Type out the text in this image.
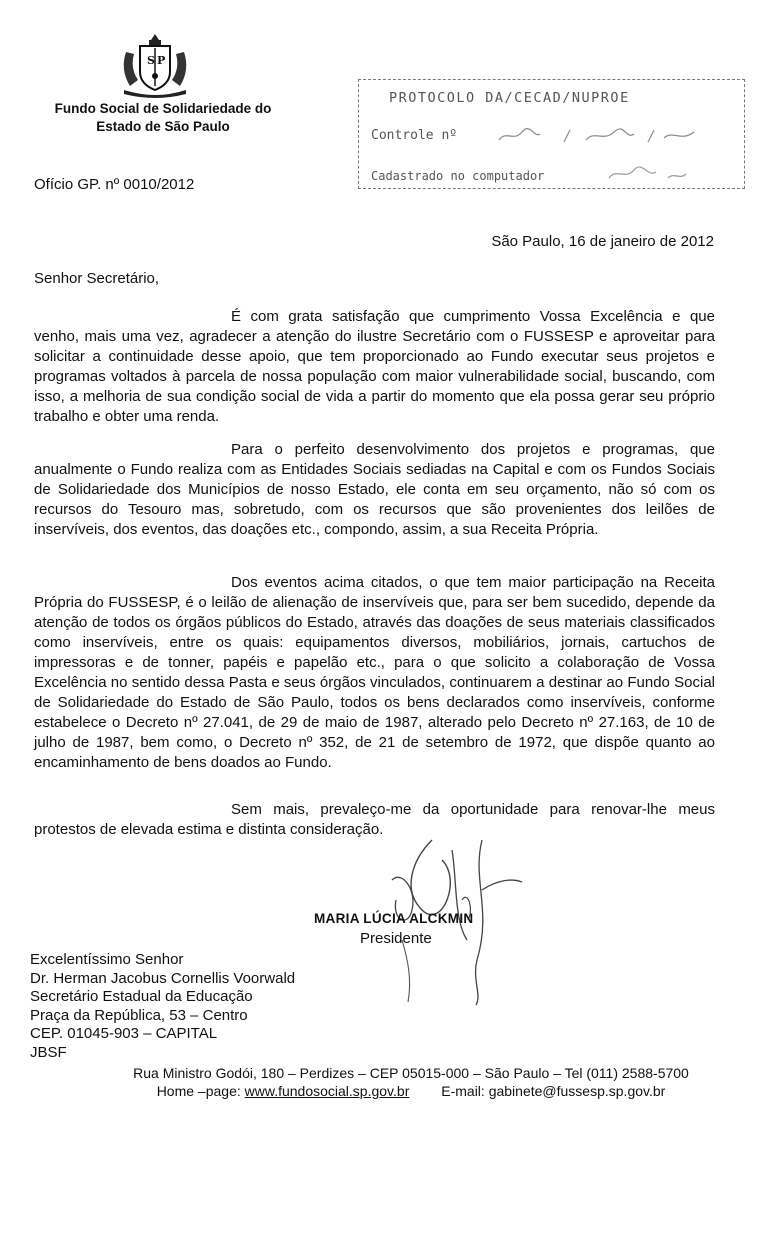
S P
Fundo Social de Solidariedade do
Estado de São Paulo
Ofício GP. nº 0010/2012
PROTOCOLO DA/CECAD/NUPROE
Controle nº
Cadastrado no computador
São Paulo, 16 de janeiro de 2012
Senhor Secretário,
É com grata satisfação que cumprimento Vossa Excelência e que venho, mais uma vez, agradecer a atenção do ilustre Secretário com o FUSSESP e aproveitar para solicitar a continuidade desse apoio, que tem proporcionado ao Fundo executar seus projetos e programas voltados à parcela de nossa população com maior vulnerabilidade social, buscando, com isso, a melhoria de sua condição social de vida a partir do momento que ela possa gerar seu próprio trabalho e obter uma renda.
Para o perfeito desenvolvimento dos projetos e programas, que anualmente o Fundo realiza com as Entidades Sociais sediadas na Capital e com os Fundos Sociais de Solidariedade dos Municípios de nosso Estado, ele conta em seu orçamento, não só com os recursos do Tesouro mas, sobretudo, com os recursos que são provenientes dos leilões de inservíveis, dos eventos, das doações etc., compondo, assim, a sua Receita Própria.
Dos eventos acima citados, o que tem maior participação na Receita Própria do FUSSESP, é o leilão de alienação de inservíveis que, para ser bem sucedido, depende da atenção de todos os órgãos públicos do Estado, através das doações de seus materiais classificados como inservíveis, entre os quais: equipamentos diversos, mobiliários, jornais, cartuchos de impressoras e de tonner, papéis e papelão etc., para o que solicito a colaboração de Vossa Excelência no sentido dessa Pasta e seus órgãos vinculados, continuarem a destinar ao Fundo Social de Solidariedade do Estado de São Paulo, todos os bens declarados como inservíveis, conforme estabelece o Decreto nº 27.041, de 29 de maio de 1987, alterado pelo Decreto nº 27.163, de 10 de julho de 1987, bem como, o Decreto nº 352, de 21 de setembro de 1972, que dispõe quanto ao encaminhamento de bens doados ao Fundo.
Sem mais, prevaleço-me da oportunidade para renovar-lhe meus protestos de elevada estima e distinta consideração.
MARIA LÚCIA ALCKMIN
Presidente
Excelentíssimo Senhor
Dr. Herman Jacobus Cornellis Voorwald
Secretário Estadual da Educação
Praça da República, 53 – Centro
CEP. 01045-903 – CAPITAL
JBSF
Rua Ministro Godói, 180 – Perdizes – CEP 05015-000 – São Paulo – Tel (011) 2588-5700
Home –page: www.fundosocial.sp.gov.br E-mail: gabinete@fussesp.sp.gov.br
